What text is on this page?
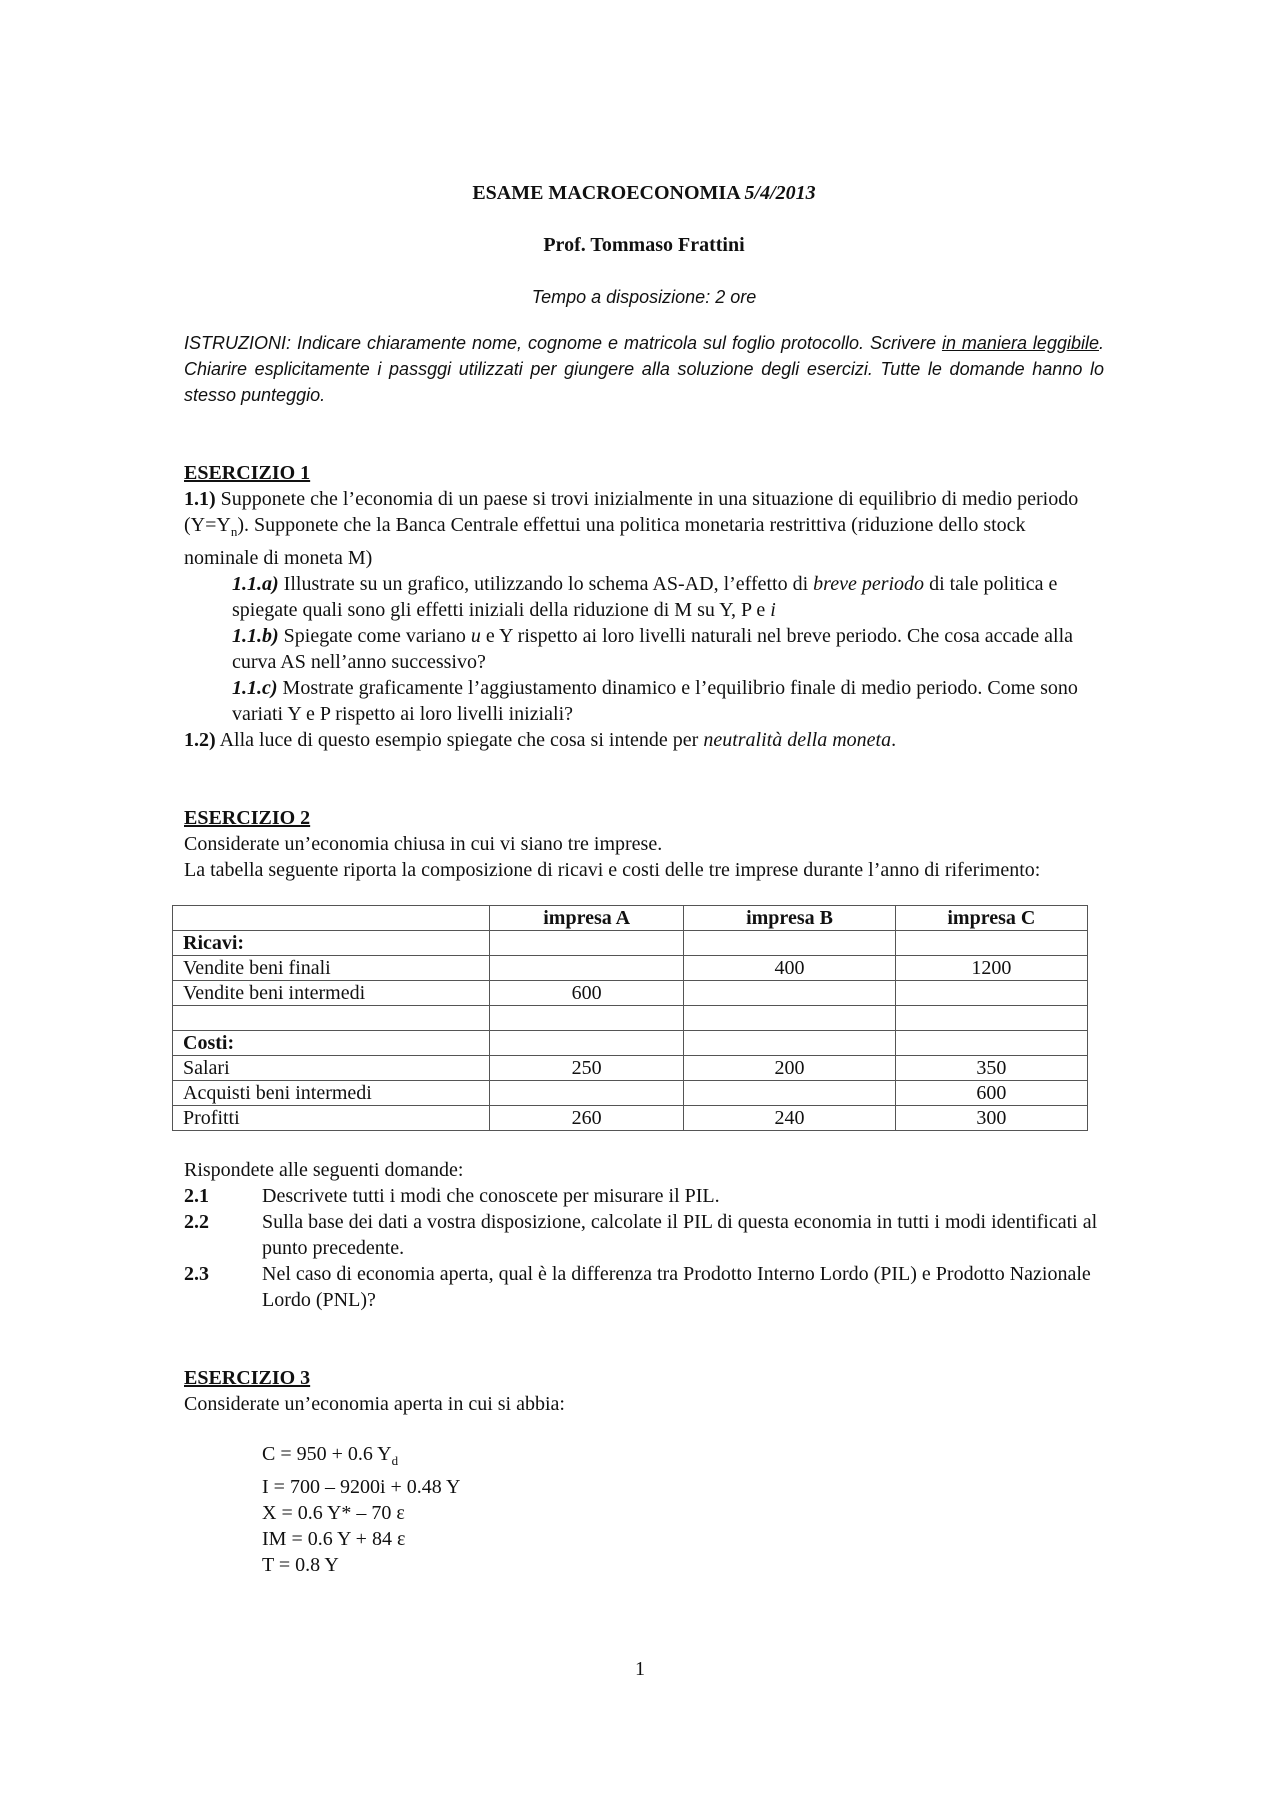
ESAME MACROECONOMIA 5/4/2013

Prof. Tommaso Frattini

Tempo a disposizione: 2 ore

ISTRUZIONI: Indicare chiaramente nome, cognome e matricola sul foglio protocollo. Scrivere in maniera leggibile. Chiarire esplicitamente i passggi utilizzati per giungere alla soluzione degli esercizi. Tutte le domande hanno lo stesso punteggio.

ESERCIZIO 1

1.1) Supponete che l’economia di un paese si trovi inizialmente in una situazione di equilibrio di medio periodo $(Y=Y_n)$. Supponete che la Banca Centrale effettui una politica monetaria restrittiva (riduzione dello stock nominale di moneta M)

1.1.a) Illustrate su un grafico, utilizzando lo schema AS-AD, l’effetto di breve periodo di tale politica e spiegate quali sono gli effetti iniziali della riduzione di M su Y, P e i

1.1.b) Spiegate come variano u e Y rispetto ai loro livelli naturali nel breve periodo. Che cosa accade alla curva AS nell’anno successivo?

1.1.c) Mostrate graficamente l’aggiustamento dinamico e l’equilibrio finale di medio periodo. Come sono variati Y e P rispetto ai loro livelli iniziali?

1.2) Alla luce di questo esempio spiegate che cosa si intende per neutralità della moneta.

ESERCIZIO 2

Considerate un’economia chiusa in cui vi siano tre imprese.

La tabella seguente riporta la composizione di ricavi e costi delle tre imprese durante l’anno di riferimento:

	impresa A	impresa B	impresa C
Ricavi:			
Vendite beni finali		400	1200
Vendite beni intermedi	600		

Costi:			
Salari	250	200	350
Acquisti beni intermedi			600
Profitti	260	240	300

Rispondete alle seguenti domande:

2.1	Descrivete tutti i modi che conoscete per misurare il PIL.
2.2	Sulla base dei dati a vostra disposizione, calcolate il PIL di questa economia in tutti i modi identificati al punto precedente.
2.3	Nel caso di economia aperta, qual è la differenza tra Prodotto Interno Lordo (PIL) e Prodotto Nazionale Lordo (PNL)?

ESERCIZIO 3

Considerate un’economia aperta in cui si abbia:

C = 950 + 0.6 $Y_d$

I = 700 – 9200i + 0.48 Y

X = 0.6 Y* – 70 ε

IM = 0.6 Y + 84 ε

T = 0.8 Y

1
